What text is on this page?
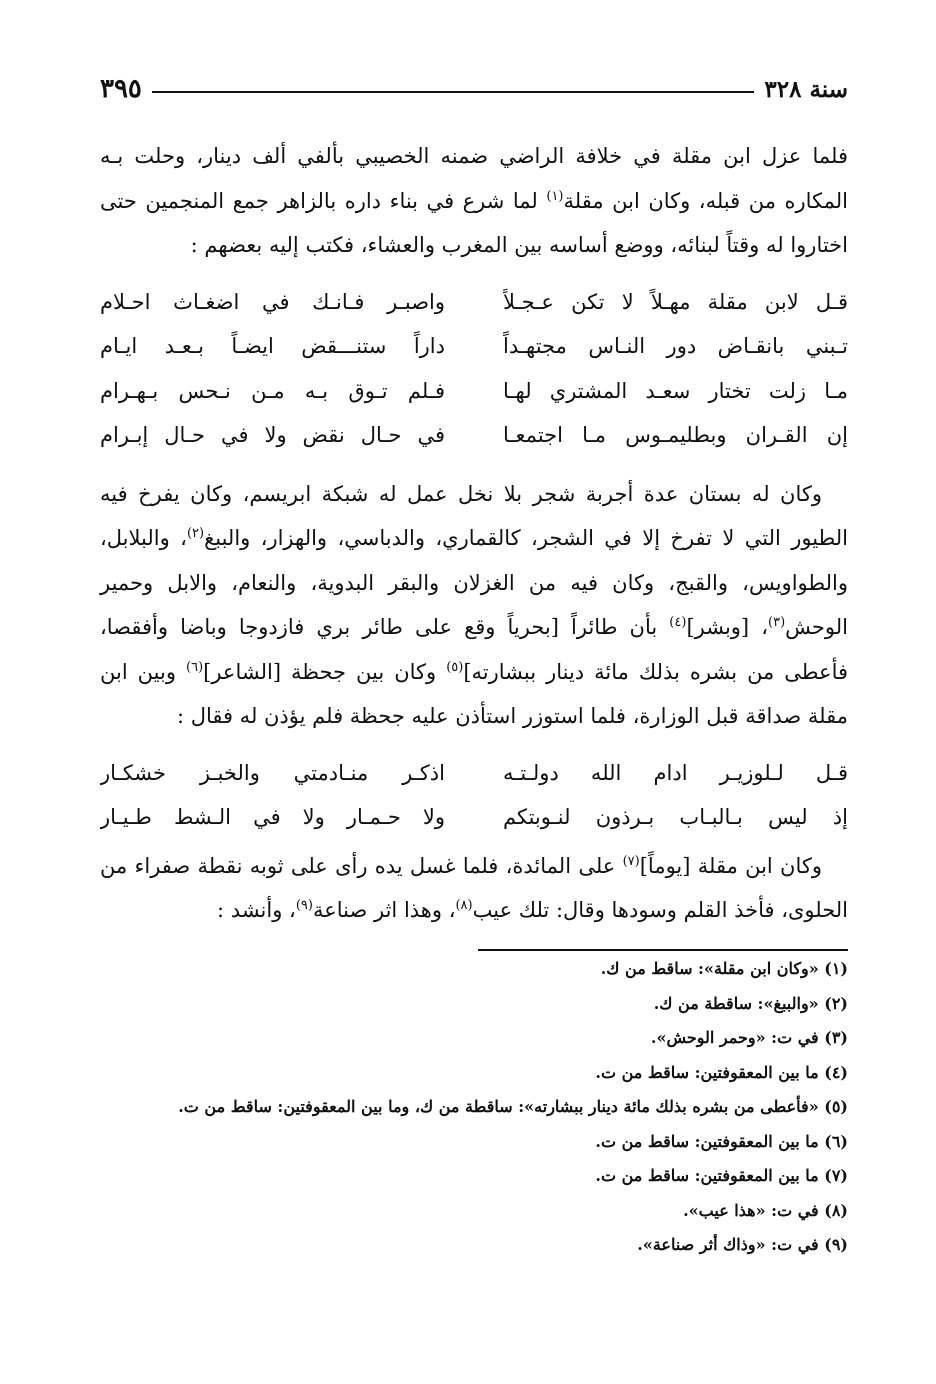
سنة ٣٢٨
٣٩٥

فلما عزل ابن مقلة في خلافة الراضي ضمنه الخصيبي بألفي ألف دينار، وحلت بـه المكاره من قبله، وكان ابن مقلة$^{(١)}$ لما شرع في بناء داره بالزاهر جمع المنجمين حتى اختاروا له وقتاً لبنائه، ووضع أساسه بين المغرب والعشاء، فكتب إليه بعضهم :

قـل لابن مقلة مهـلاً لا تكن عـجـلاً
واصبـر فـانـك في اضغـاث احـلام
تـبني بانقـاض دور النـاس مجتهـداً
داراً ستنـــقض ايضـاً بـعـد ايـام
مـا زلت تختار سعـد المشتري لهـا
فـلم تـوق بـه مـن نـحس بـهـرام
إن القـران وبطليمـوس مـا اجتمعـا
في حـال نقض ولا في حـال إبـرام

وكان له بستان عدة أجربة شجر بلا نخل عمل له شبكة ابريسم، وكان يفرخ فيه الطيور التي لا تفرخ إلا في الشجر، كالقماري، والدباسي، والهزار، والببغ$^{(٢)}$، والبلابل، والطواويس، والقبج، وكان فيه من الغزلان والبقر البدوية، والنعام، والابل وحمير الوحش$^{(٣)}$، [وبشر]$^{(٤)}$ بأن طائراً [بحرياً وقع على طائر بري فازدوجا وباضا وأفقصا، فأعطى من بشره بذلك مائة دينار ببشارته]$^{(٥)}$ وكان بين جحظة [الشاعر]$^{(٦)}$ وبين ابن مقلة صداقة قبل الوزارة، فلما استوزر استأذن عليه جحظة فلم يؤذن له فقال :

قـل لـلوزيـر ادام الله دولـتـه
اذكـر منـادمتي والخبـز خشكـار
إذ ليس بـالبـاب بـرذون لنـوبتكم
ولا حـمـار ولا في الـشط طـيـار

وكان ابن مقلة [يوماً]$^{(٧)}$ على المائدة، فلما غسل يده رأى على ثوبه نقطة صفراء من الحلوى، فأخذ القلم وسودها وقال: تلك عيب$^{(٨)}$، وهذا اثر صناعة$^{(٩)}$، وأنشد :

(١) «وكان ابن مقلة»: ساقط من ك.

(٢) «والببغ»: ساقطة من ك.

(٣) في ت: «وحمر الوحش».

(٤) ما بين المعقوفتين: ساقط من ت.

(٥) «فأعطى من بشره بذلك مائة دينار ببشارته»: ساقطة من ك، وما بين المعقوفتين: ساقط من ت.

(٦) ما بين المعقوفتين: ساقط من ت.

(٧) ما بين المعقوفتين: ساقط من ت.

(٨) في ت: «هذا عيب».

(٩) في ت: «وذاك أثر صناعة».
